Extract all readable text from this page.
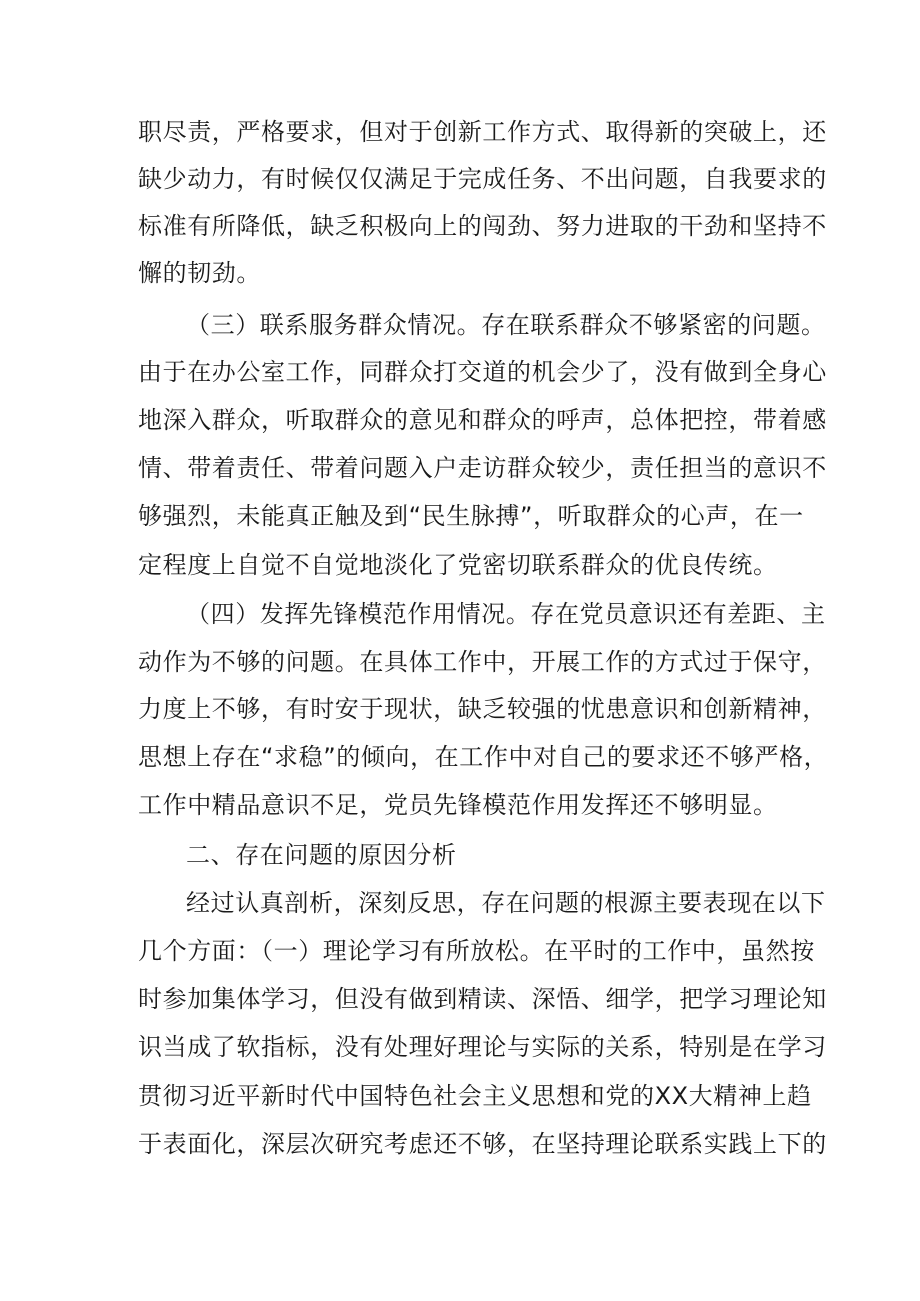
职尽责，严格要求，但对于创新工作方式、取得新的突破上，还
缺少动力，有时候仅仅满足于完成任务、不出问题，自我要求的
标准有所降低，缺乏积极向上的闯劲、努力进取的干劲和坚持不
懈的韧劲。
（三）联系服务群众情况。存在联系群众不够紧密的问题。
由于在办公室工作，同群众打交道的机会少了，没有做到全身心
地深入群众，听取群众的意见和群众的呼声，总体把控，带着感
情、带着责任、带着问题入户走访群众较少，责任担当的意识不
够强烈，未能真正触及到“民生脉搏”，听取群众的心声，在一
定程度上自觉不自觉地淡化了党密切联系群众的优良传统。
（四）发挥先锋模范作用情况。存在党员意识还有差距、主
动作为不够的问题。在具体工作中，开展工作的方式过于保守，
力度上不够，有时安于现状，缺乏较强的忧患意识和创新精神，
思想上存在“求稳”的倾向，在工作中对自己的要求还不够严格，
工作中精品意识不足，党员先锋模范作用发挥还不够明显。
二、存在问题的原因分析
经过认真剖析，深刻反思，存在问题的根源主要表现在以下
几个方面：（一）理论学习有所放松。在平时的工作中，虽然按
时参加集体学习，但没有做到精读、深悟、细学，把学习理论知
识当成了软指标，没有处理好理论与实际的关系，特别是在学习
贯彻习近平新时代中国特色社会主义思想和党的XX大精神上趋
于表面化，深层次研究考虑还不够，在坚持理论联系实践上下的
